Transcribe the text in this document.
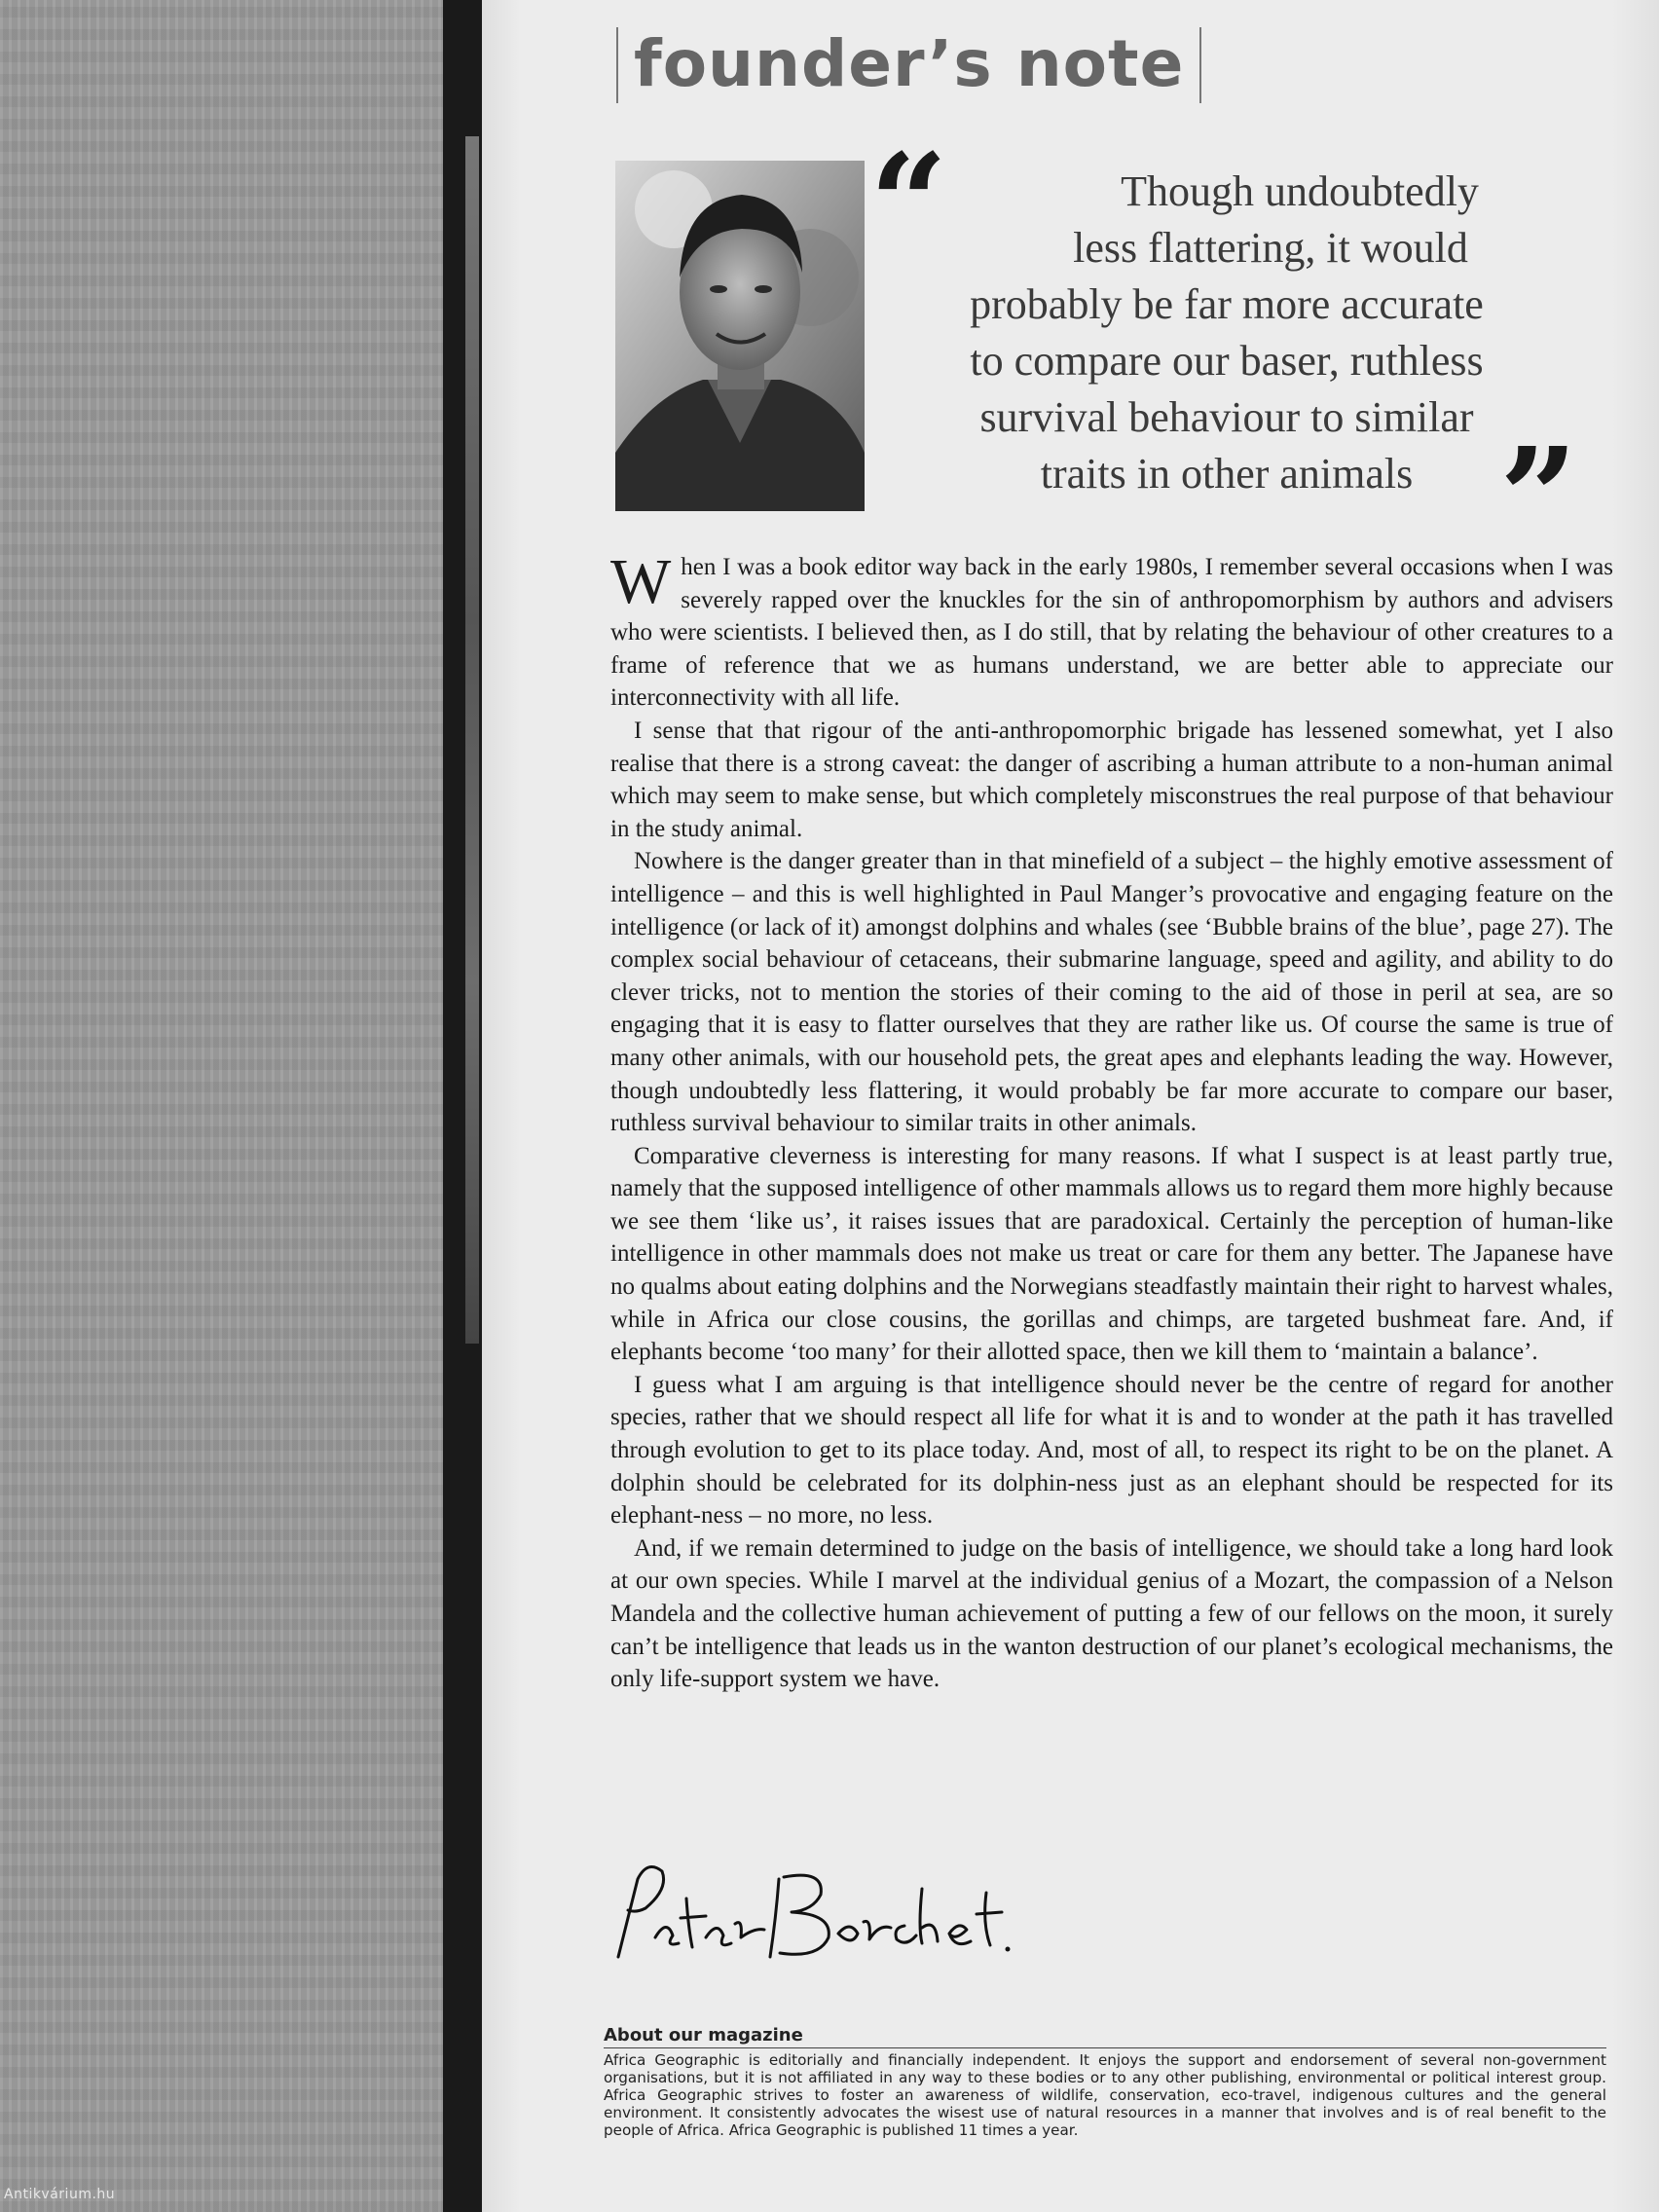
founder’s note
“	Though undoubtedly
less flattering, it would
probably be far more accurate
to compare our baser, ruthless
survival behaviour to similar
traits in other animals ”

When I was a book editor way back in the early 1980s, I remember several occasions when I was severely rapped over the knuckles for the sin of anthropomorphism by authors and advisers who were scientists. I believed then, as I do still, that by relating the behaviour of other creatures to a frame of reference that we as humans understand, we are better able to appreciate our interconnectivity with all life.

I sense that that rigour of the anti-anthropomorphic brigade has lessened somewhat, yet I also realise that there is a strong caveat: the danger of ascribing a human attribute to a non-human animal which may seem to make sense, but which completely misconstrues the real purpose of that behaviour in the study animal.

Nowhere is the danger greater than in that minefield of a subject – the highly emotive assessment of intelligence – and this is well highlighted in Paul Manger’s provocative and engaging feature on the intelligence (or lack of it) amongst dolphins and whales (see ‘Bubble brains of the blue’, page 27). The complex social behaviour of cetaceans, their submarine language, speed and agility, and ability to do clever tricks, not to mention the stories of their coming to the aid of those in peril at sea, are so engaging that it is easy to flatter ourselves that they are rather like us. Of course the same is true of many other animals, with our household pets, the great apes and elephants leading the way. However, though undoubtedly less flattering, it would probably be far more accurate to compare our baser, ruthless survival behaviour to similar traits in other animals.

Comparative cleverness is interesting for many reasons. If what I suspect is at least partly true, namely that the supposed intelligence of other mammals allows us to regard them more highly because we see them ‘like us’, it raises issues that are paradoxical. Certainly the perception of human-like intelligence in other mammals does not make us treat or care for them any better. The Japanese have no qualms about eating dolphins and the Norwegians steadfastly maintain their right to harvest whales, while in Africa our close cousins, the gorillas and chimps, are targeted bushmeat fare. And, if elephants become ‘too many’ for their allotted space, then we kill them to ‘maintain a balance’.

I guess what I am arguing is that intelligence should never be the centre of regard for another species, rather that we should respect all life for what it is and to wonder at the path it has travelled through evolution to get to its place today. And, most of all, to respect its right to be on the planet. A dolphin should be celebrated for its dolphin-ness just as an elephant should be respected for its elephant-ness – no more, no less.

And, if we remain determined to judge on the basis of intelligence, we should take a long hard look at our own species. While I marvel at the individual genius of a Mozart, the compassion of a Nelson Mandela and the collective human achievement of putting a few of our fellows on the moon, it surely can’t be intelligence that leads us in the wanton destruction of our planet’s ecological mechanisms, the only life-support system we have.

About our magazine

Africa Geographic is editorially and financially independent. It enjoys the support and endorsement of several non-government organisations, but it is not affiliated in any way to these bodies or to any other publishing, environmental or political interest group. Africa Geographic strives to foster an awareness of wildlife, conservation, eco-travel, indigenous cultures and the general environment. It consistently advocates the wisest use of natural resources in a manner that involves and is of real benefit to the people of Africa. Africa Geographic is published 11 times a year.

Antikvárium.hu
